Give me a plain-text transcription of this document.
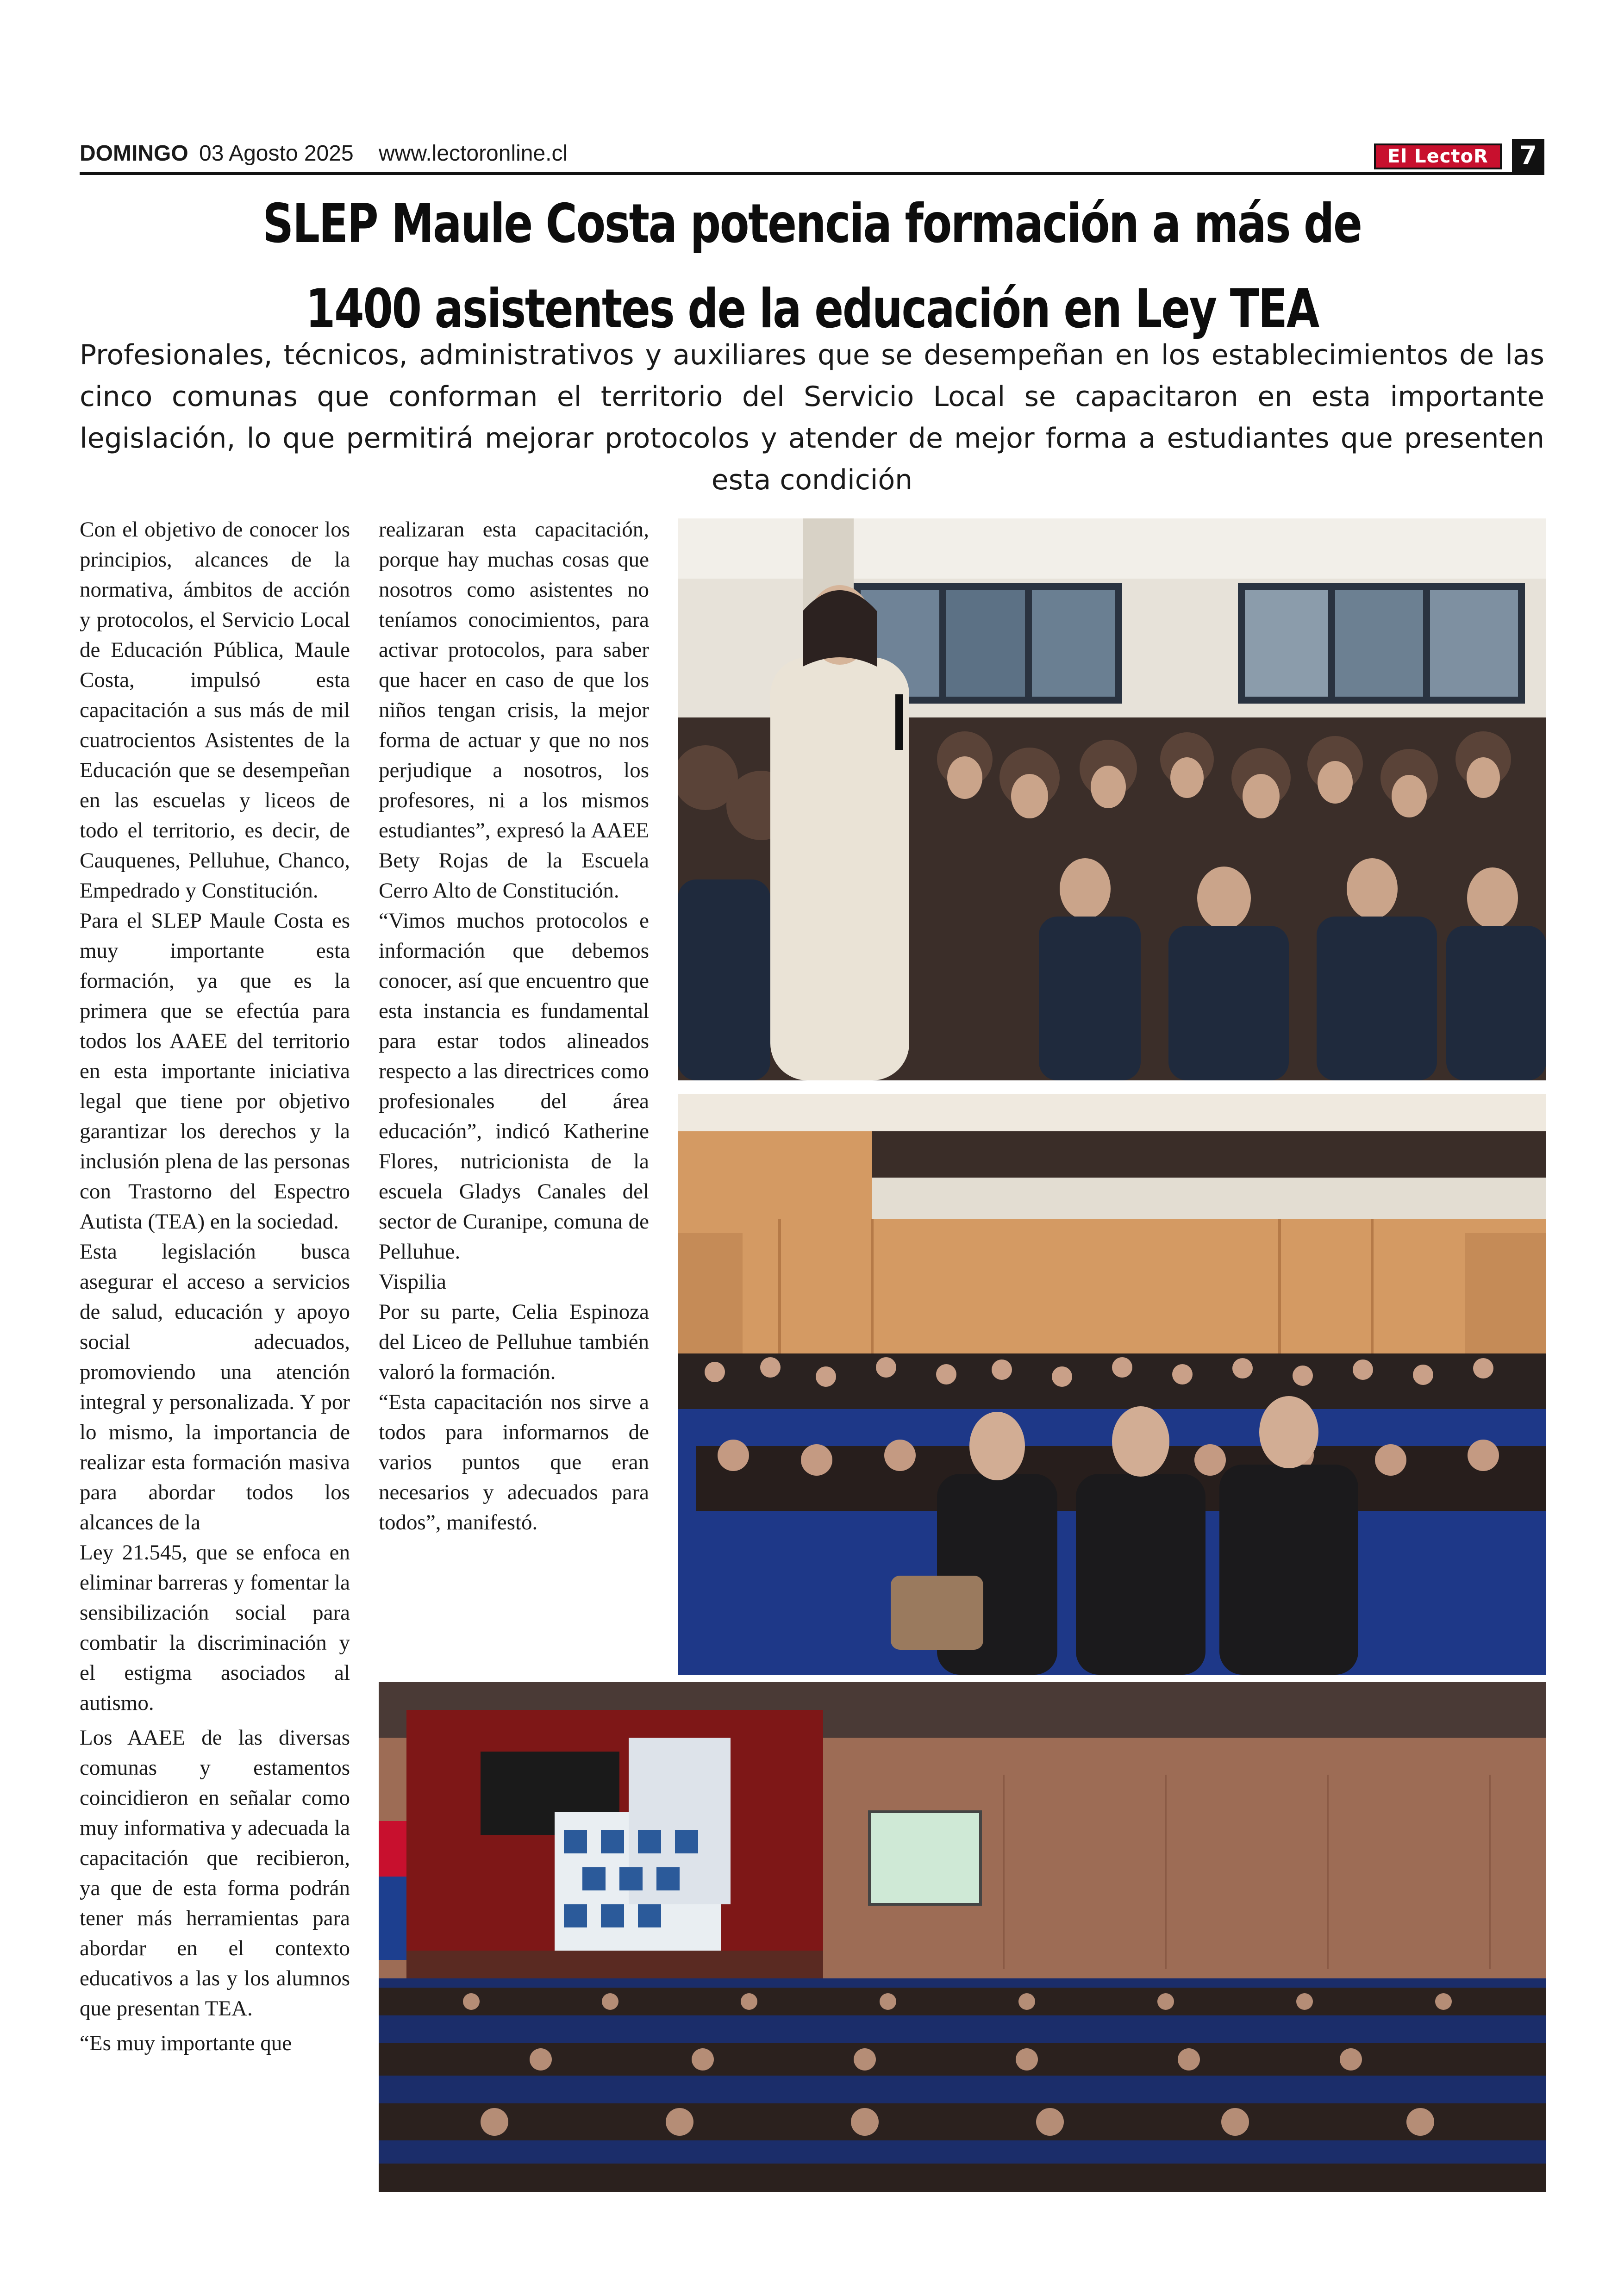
DOMINGO 03 Agosto 2025 www.lectoronline.cl	El LectoR	7
SLEP Maule Costa potencia formación a más de 1400 asistentes de la educación en Ley TEA

Profesionales, técnicos, administrativos y auxiliares que se desempeñan en los establecimientos de las cinco comunas que conforman el territorio del Servicio Local se capacitaron en esta importante legislación, lo que permitirá mejorar protocolos y atender de mejor forma a estudiantes que presenten esta condición

Con el objetivo de conocer los principios, alcances de la normativa, ámbitos de acción y protocolos, el Servicio Local de Educación Pública, Maule Costa, impulsó esta capacitación a sus más de mil cuatrocientos Asistentes de la Educación que se desempeñan en las escuelas y liceos de todo el territorio, es decir, de Cauquenes, Pelluhue, Chanco, Empedrado y Constitución.

Para el SLEP Maule Costa es muy importante esta formación, ya que es la primera que se efectúa para todos los AAEE del territorio en esta importante iniciativa legal que tiene por objetivo garantizar los derechos y la inclusión plena de las personas con Trastorno del Espectro Autista (TEA) en la sociedad.

Esta legislación busca asegurar el acceso a servicios de salud, educación y apoyo social adecuados, promoviendo una atención integral y personalizada. Y por lo mismo, la importancia de realizar esta formación masiva para abordar todos los alcances de la

Ley 21.545, que se enfoca en eliminar barreras y fomentar la sensibilización social para combatir la discriminación y el estigma asociados al autismo.

Los AAEE de las diversas comunas y estamentos coincidieron en señalar como muy informativa y adecuada la capacitación que recibieron, ya que de esta forma podrán tener más herramientas para abordar en el contexto educativos a las y los alumnos que presentan TEA.

“Es muy importante que

realizaran esta capacitación, porque hay muchas cosas que nosotros como asistentes no teníamos conocimientos, para activar protocolos, para saber que hacer en caso de que los niños tengan crisis, la mejor forma de actuar y que no nos perjudique a nosotros, los profesores, ni a los mismos estudiantes”, expresó la AAEE Bety Rojas de la Escuela Cerro Alto de Constitución.

“Vimos muchos protocolos e información que debemos conocer, así que encuentro que esta instancia es fundamental para estar todos alineados respecto a las directrices como profesionales del área educación”, indicó Katherine Flores, nutricionista de la escuela Gladys Canales del sector de Curanipe, comuna de Pelluhue.

Vispilia

Por su parte, Celia Espinoza del Liceo de Pelluhue también valoró la formación.

“Esta capacitación nos sirve a todos para informarnos de varios puntos que eran necesarios y adecuados para todos”, manifestó.
